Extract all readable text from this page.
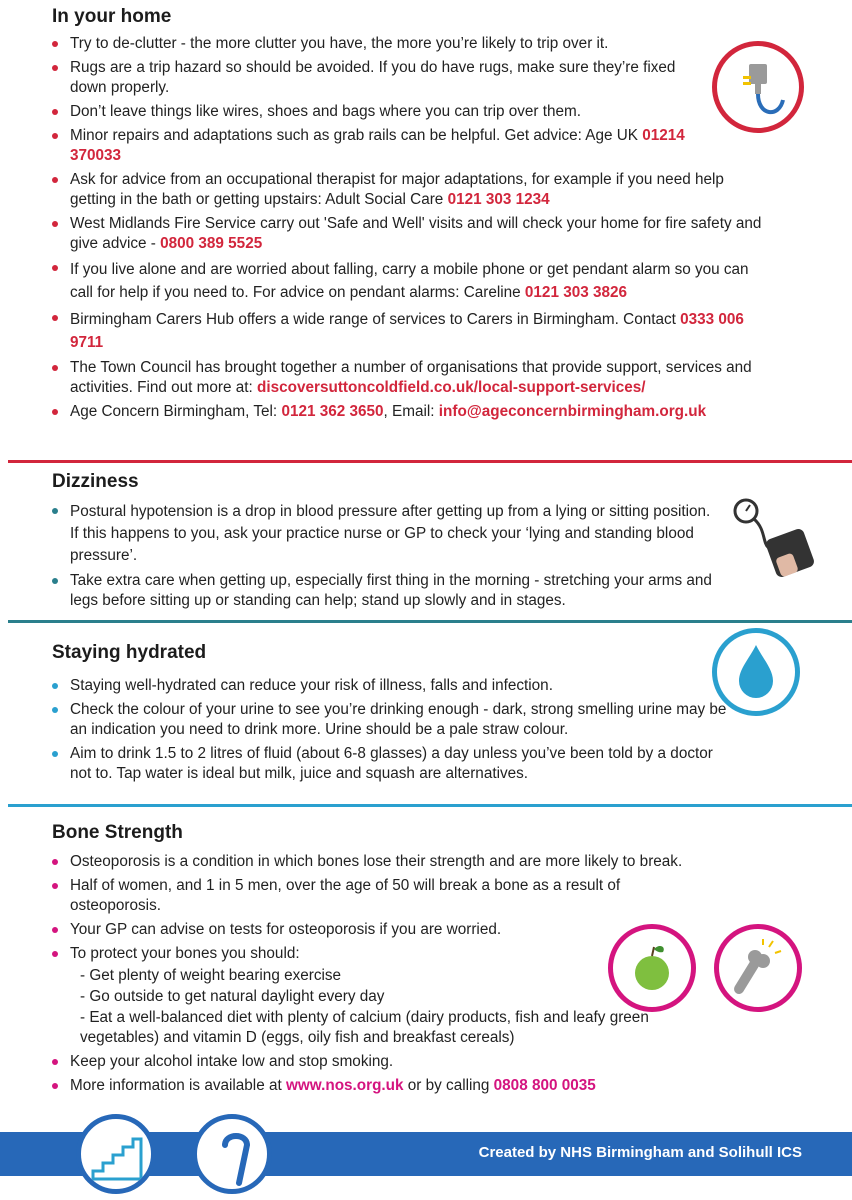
In your home
Try to de-clutter - the more clutter you have, the more you’re likely to trip over it.
Rugs are a trip hazard so should be avoided. If you do have rugs, make sure they’re fixed down properly.
Don’t leave things like wires, shoes and bags where you can trip over them.
Minor repairs and adaptations such as grab rails can be helpful. Get advice: Age UK 01214 370033
Ask for advice from an occupational therapist for major adaptations, for example if you need help getting in the bath or getting upstairs: Adult Social Care 0121 303 1234
West Midlands Fire Service carry out 'Safe and Well' visits and will check your home for fire safety and give advice - 0800 389 5525
If you live alone and are worried about falling, carry a mobile phone or get pendant alarm so you can call for help if you need to. For advice on pendant alarms: Careline 0121 303 3826
Birmingham Carers Hub offers a wide range of services to Carers in Birmingham. Contact 0333 006 9711
The Town Council has brought together a number of organisations that provide support, services and activities. Find out more at: discoversuttoncoldfield.co.uk/local-support-services/
Age Concern Birmingham, Tel: 0121 362 3650, Email: info@ageconcernbirmingham.org.uk
Dizziness
Postural hypotension is a drop in blood pressure after getting up from a lying or sitting position. If this happens to you, ask your practice nurse or GP to check your ‘lying and standing blood pressure’.
Take extra care when getting up, especially first thing in the morning - stretching your arms and legs before sitting up or standing can help; stand up slowly and in stages.
Staying hydrated
Staying well-hydrated can reduce your risk of illness, falls and infection.
Check the colour of your urine to see you’re drinking enough - dark, strong smelling urine may be an indication you need to drink more. Urine should be a pale straw colour.
Aim to drink 1.5 to 2 litres of fluid (about 6-8 glasses) a day unless you’ve been told by a doctor not to. Tap water is ideal but milk, juice and squash are alternatives.
Bone Strength
Osteoporosis is a condition in which bones lose their strength and are more likely to break.
Half of women, and 1 in 5 men, over the age of 50 will break a bone as a result of osteoporosis.
Your GP can advise on tests for osteoporosis if you are worried.
To protect your bones you should:
- Get plenty of weight bearing exercise
- Go outside to get natural daylight every day
- Eat a well-balanced diet with plenty of calcium (dairy products, fish and leafy green vegetables) and vitamin D (eggs, oily fish and breakfast cereals)
Keep your alcohol intake low and stop smoking.
More information is available at www.nos.org.uk or by calling 0808 800 0035
Created by NHS Birmingham and Solihull ICS
